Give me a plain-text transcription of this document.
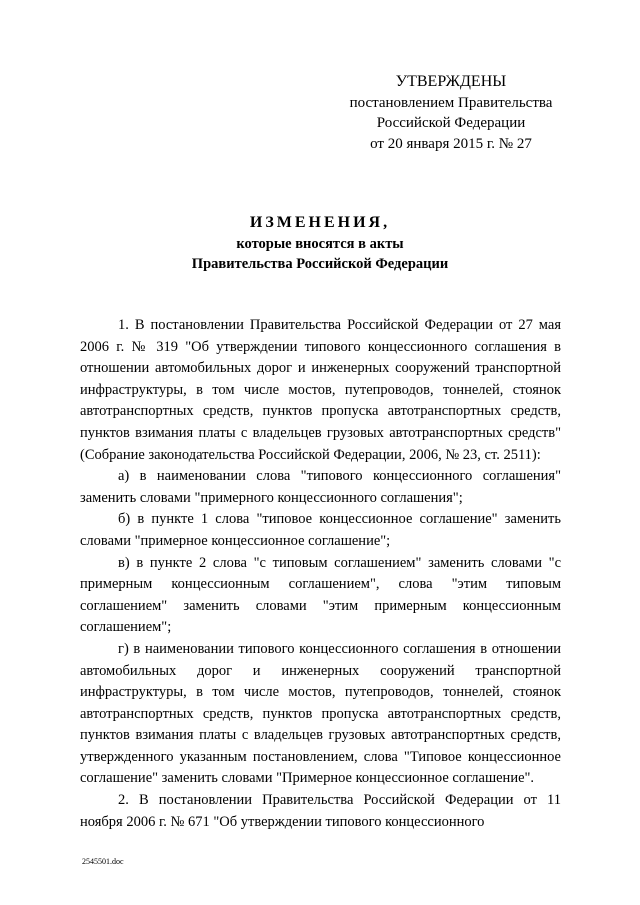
УТВЕРЖДЕНЫ
постановлением Правительства
Российской Федерации
от 20 января 2015 г. № 27
ИЗМЕНЕНИЯ,
которые вносятся в акты
Правительства Российской Федерации

1. В постановлении Правительства Российской Федерации от 27 мая 2006 г. № 319 "Об утверждении типового концессионного соглашения в отношении автомобильных дорог и инженерных сооружений транспортной инфраструктуры, в том числе мостов, путепроводов, тоннелей, стоянок автотранспортных средств, пунктов пропуска автотранспортных средств, пунктов взимания платы с владельцев грузовых автотранспортных средств" (Собрание законодательства Российской Федерации, 2006, № 23, ст. 2511):

а) в наименовании слова "типового концессионного соглашения" заменить словами "примерного концессионного соглашения";

б) в пункте 1 слова "типовое концессионное соглашение" заменить словами "примерное концессионное соглашение";

в) в пункте 2 слова "с типовым соглашением" заменить словами "с примерным концессионным соглашением", слова "этим типовым соглашением" заменить словами "этим примерным концессионным соглашением";

г) в наименовании типового концессионного соглашения в отношении автомобильных дорог и инженерных сооружений транспортной инфраструктуры, в том числе мостов, путепроводов, тоннелей, стоянок автотранспортных средств, пунктов пропуска автотранспортных средств, пунктов взимания платы с владельцев грузовых автотранспортных средств, утвержденного указанным постановлением, слова "Типовое концессионное соглашение" заменить словами "Примерное концессионное соглашение".

2. В постановлении Правительства Российской Федерации от 11 ноября 2006 г. № 671 "Об утверждении типового концессионного

2545501.doc
